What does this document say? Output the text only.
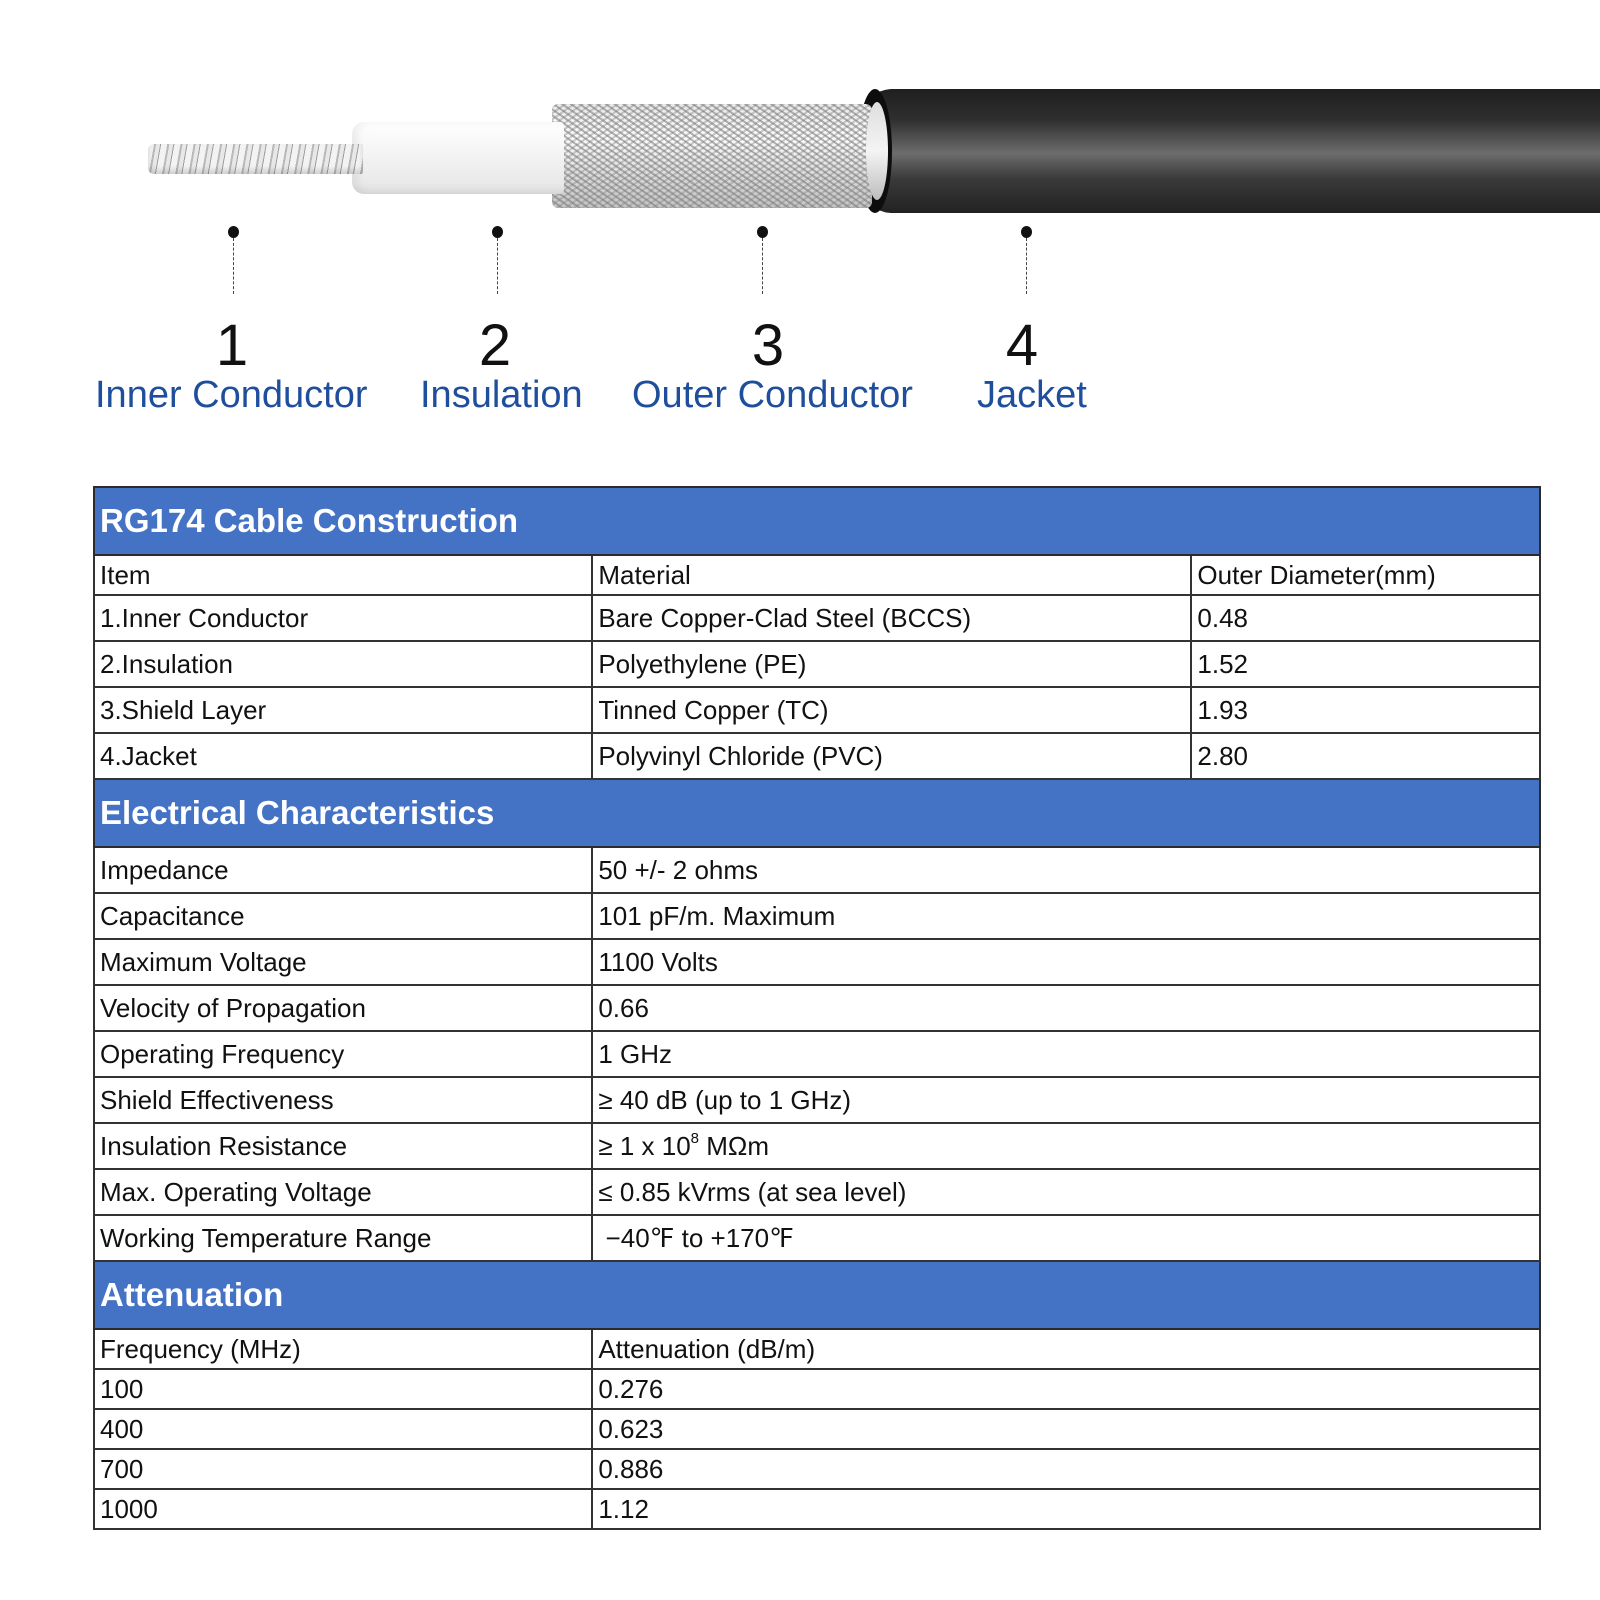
1	2	3	4
Inner Conductor Insulation Outer Conductor Jacket
RG174 Cable Construction		
Item	Material	Outer Diameter(mm)
1.Inner Conductor	Bare Copper-Clad Steel (BCCS)	0.48
2.Insulation	Polyethylene (PE)	1.52
3.Shield Layer	Tinned Copper (TC)	1.93
4.Jacket	Polyvinyl Chloride (PVC)	2.80
Electrical Characteristics		
Impedance	50 +/- 2 ohms	
Capacitance	101 pF/m. Maximum	
Maximum Voltage	1100 Volts	
Velocity of Propagation	0.66	
Operating Frequency	1 GHz	
Shield Effectiveness	≥ 40 dB (up to 1 GHz)	
Insulation Resistance	≥ 1 x $10^8$ MΩm	
Max. Operating Voltage	≤ 0.85 kVrms (at sea level)	
Working Temperature Range	−40℉ to +170℉	
Attenuation		
Frequency (MHz)	Attenuation (dB/m)	
100	0.276	
400	0.623	
700	0.886	
1000	1.12	
